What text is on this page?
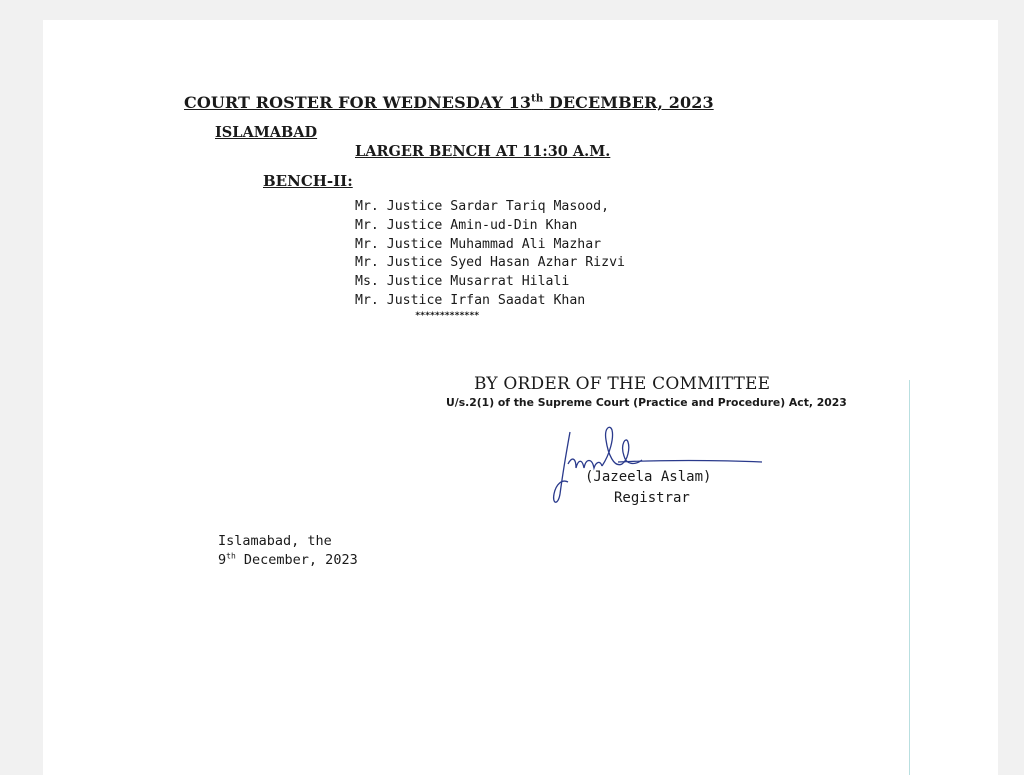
COURT ROSTER FOR WEDNESDAY 13th DECEMBER, 2023
ISLAMABAD
LARGER BENCH AT 11:30 A.M.
BENCH-II:
Mr. Justice Sardar Tariq Masood,
Mr. Justice Amin-ud-Din Khan
Mr. Justice Muhammad Ali Mazhar
Mr. Justice Syed Hasan Azhar Rizvi
Ms. Justice Musarrat Hilali
Mr. Justice Irfan Saadat Khan
*************
BY ORDER OF THE COMMITTEE
U/s.2(1) of the Supreme Court (Practice and Procedure) Act, 2023
(Jazeela Aslam)
Registrar
Islamabad, the
9th December, 2023
